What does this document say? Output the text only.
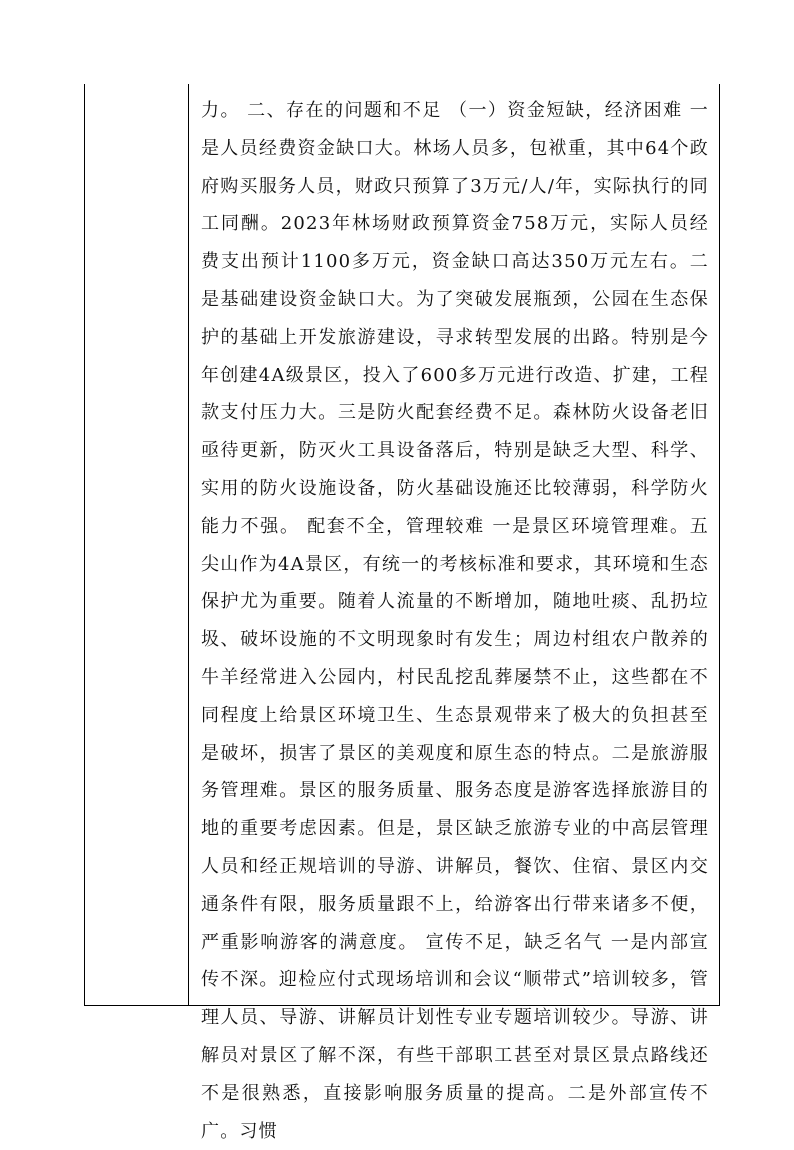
力。 二、存在的问题和不足 （一）资金短缺，经济困难 一是人员经费资金缺口大。林场人员多，包袱重，其中64个政府购买服务人员，财政只预算了3万元/人/年，实际执行的同工同酬。2023年林场财政预算资金758万元，实际人员经费支出预计1100多万元，资金缺口高达350万元左右。二是基础建设资金缺口大。为了突破发展瓶颈，公园在生态保护的基础上开发旅游建设，寻求转型发展的出路。特别是今年创建4A级景区，投入了600多万元进行改造、扩建，工程款支付压力大。三是防火配套经费不足。森林防火设备老旧亟待更新，防灭火工具设备落后，特别是缺乏大型、科学、实用的防火设施设备，防火基础设施还比较薄弱，科学防火能力不强。 配套不全，管理较难 一是景区环境管理难。五尖山作为4A景区，有统一的考核标准和要求，其环境和生态保护尤为重要。随着人流量的不断增加，随地吐痰、乱扔垃圾、破坏设施的不文明现象时有发生；周边村组农户散养的牛羊经常进入公园内，村民乱挖乱葬屡禁不止，这些都在不同程度上给景区环境卫生、生态景观带来了极大的负担甚至是破坏，损害了景区的美观度和原生态的特点。二是旅游服务管理难。景区的服务质量、服务态度是游客选择旅游目的地的重要考虑因素。但是，景区缺乏旅游专业的中高层管理人员和经正规培训的导游、讲解员，餐饮、住宿、景区内交通条件有限，服务质量跟不上，给游客出行带来诸多不便，严重影响游客的满意度。 宣传不足，缺乏名气 一是内部宣传不深。迎检应付式现场培训和会议“顺带式”培训较多，管理人员、导游、讲解员计划性专业专题培训较少。导游、讲解员对景区了解不深，有些干部职工甚至对景区景点路线还不是很熟悉，直接影响服务质量的提高。二是外部宣传不广。习惯
